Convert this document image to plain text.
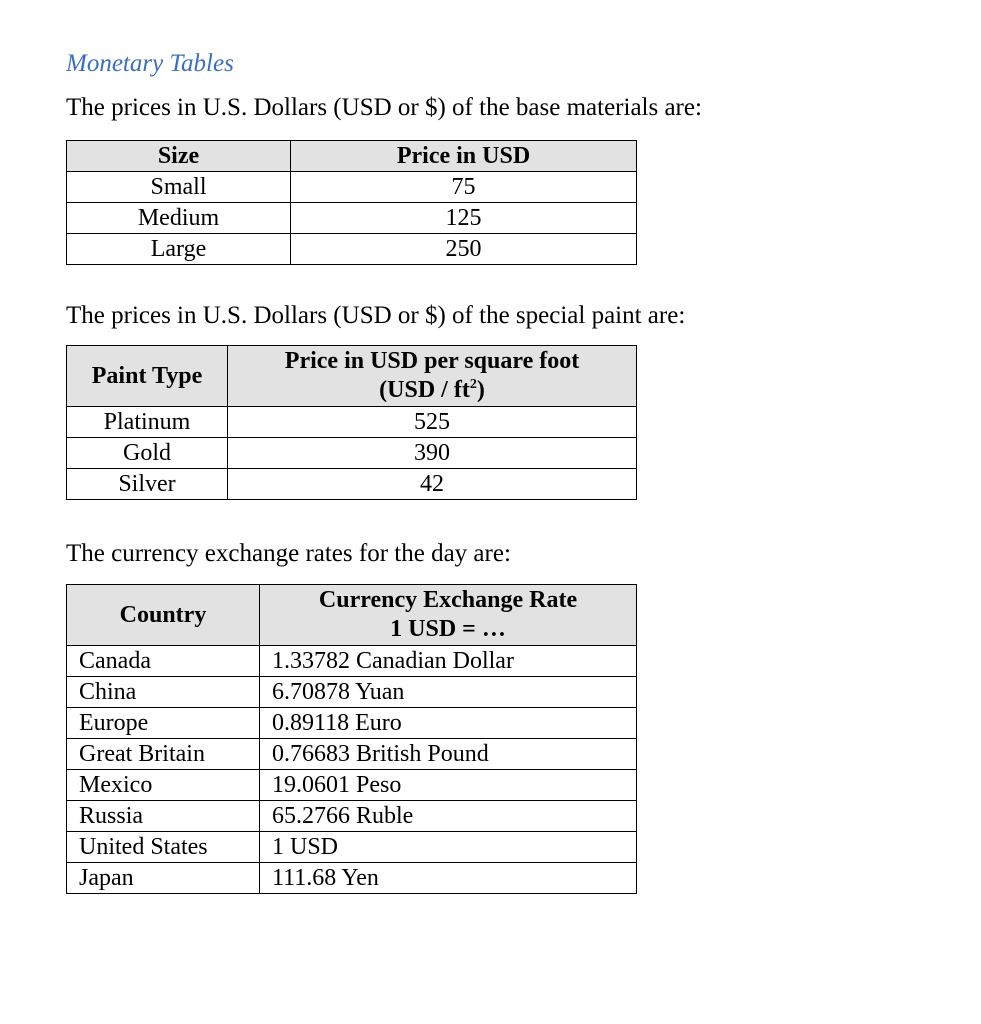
Monetary Tables
The prices in U.S. Dollars (USD or $) of the base materials are:
Size	Price in USD
Small	75
Medium	125
Large	250
The prices in U.S. Dollars (USD or $) of the special paint are:
Paint Type	Price in USD per square foot
$(USD / ft^2)$
Platinum	525
Gold	390
Silver	42
The currency exchange rates for the day are:
Country	Currency Exchange Rate
1 USD = …
Canada	1.33782 Canadian Dollar
China	6.70878 Yuan
Europe	0.89118 Euro
Great Britain	0.76683 British Pound
Mexico	19.0601 Peso
Russia	65.2766 Ruble
United States	1 USD
Japan	111.68 Yen
